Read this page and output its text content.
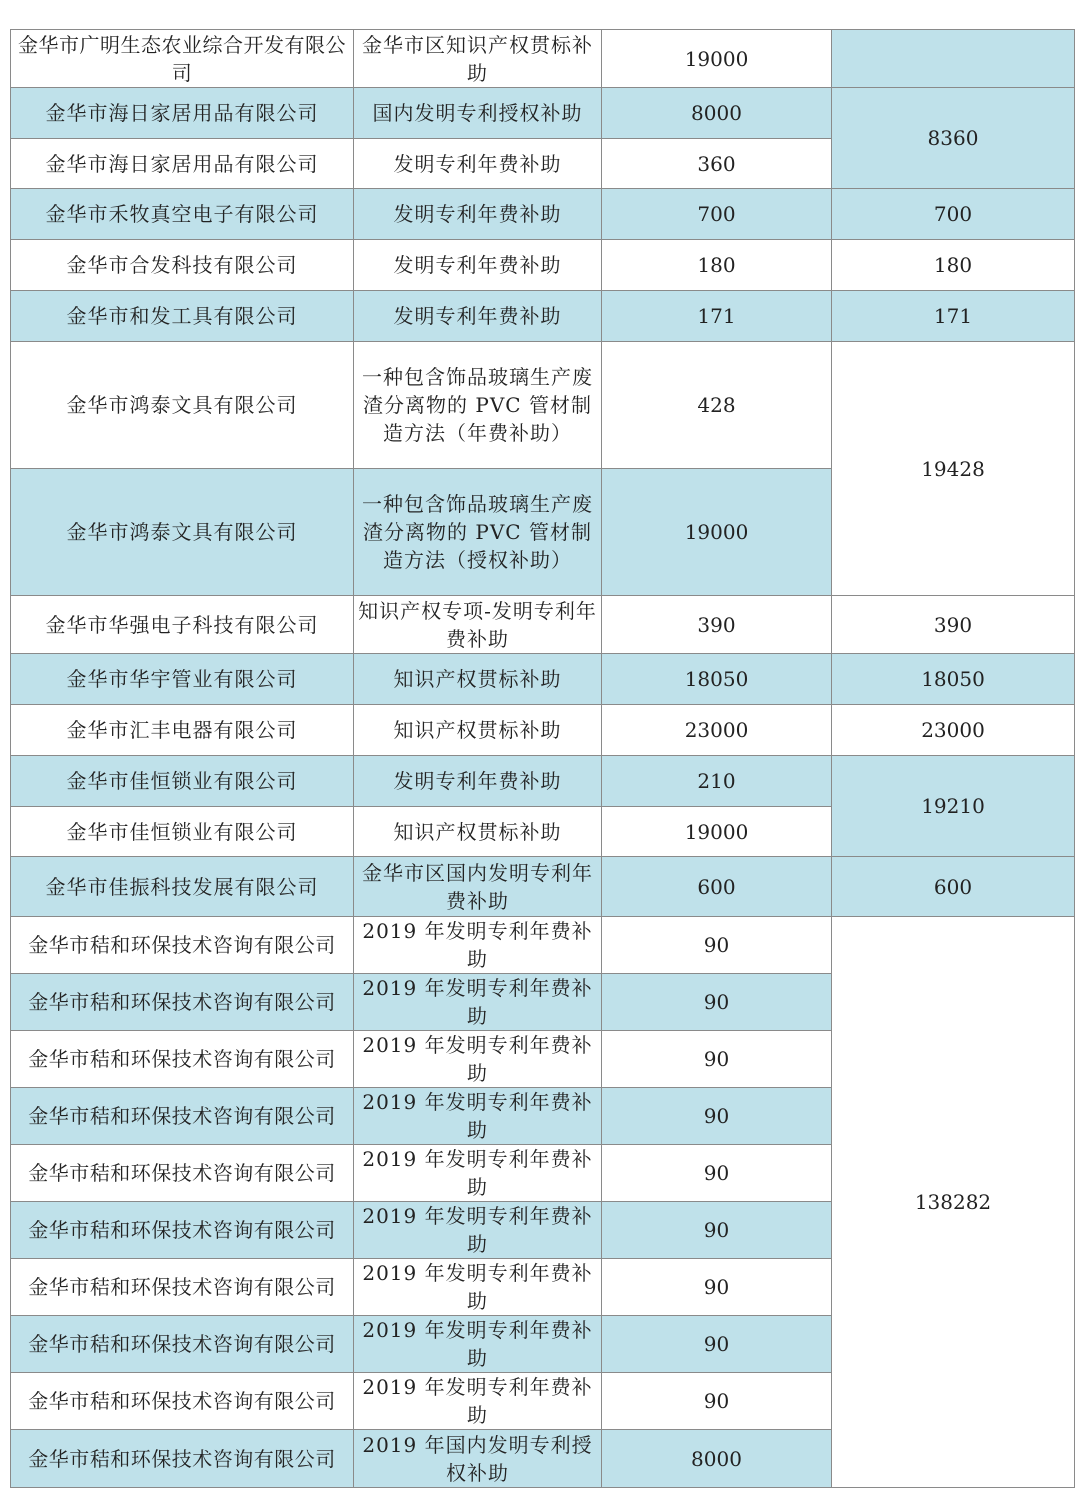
金华市广明生态农业综合开发有限公司	金华市区知识产权贯标补助	19000	
金华市海日家居用品有限公司	国内发明专利授权补助	8000	8360
金华市海日家居用品有限公司	发明专利年费补助	360	
金华市禾牧真空电子有限公司	发明专利年费补助	700	700
金华市合发科技有限公司	发明专利年费补助	180	180
金华市和发工具有限公司	发明专利年费补助	171	171
金华市鸿泰文具有限公司	一种包含饰品玻璃生产废渣分离物的 PVC 管材制造方法（年费补助）	428	19428
金华市鸿泰文具有限公司	一种包含饰品玻璃生产废渣分离物的 PVC 管材制造方法（授权补助）	19000	
金华市华强电子科技有限公司	知识产权专项-发明专利年费补助	390	390
金华市华宇管业有限公司	知识产权贯标补助	18050	18050
金华市汇丰电器有限公司	知识产权贯标补助	23000	23000
金华市佳恒锁业有限公司	发明专利年费补助	210	19210
金华市佳恒锁业有限公司	知识产权贯标补助	19000	
金华市佳振科技发展有限公司	金华市区国内发明专利年费补助	600	600
金华市秸和环保技术咨询有限公司	2019 年发明专利年费补助	90	138282
金华市秸和环保技术咨询有限公司	2019 年发明专利年费补助	90	
金华市秸和环保技术咨询有限公司	2019 年发明专利年费补助	90	
金华市秸和环保技术咨询有限公司	2019 年发明专利年费补助	90	
金华市秸和环保技术咨询有限公司	2019 年发明专利年费补助	90	
金华市秸和环保技术咨询有限公司	2019 年发明专利年费补助	90	
金华市秸和环保技术咨询有限公司	2019 年发明专利年费补助	90	
金华市秸和环保技术咨询有限公司	2019 年发明专利年费补助	90	
金华市秸和环保技术咨询有限公司	2019 年发明专利年费补助	90	
金华市秸和环保技术咨询有限公司	2019 年国内发明专利授权补助	8000	
